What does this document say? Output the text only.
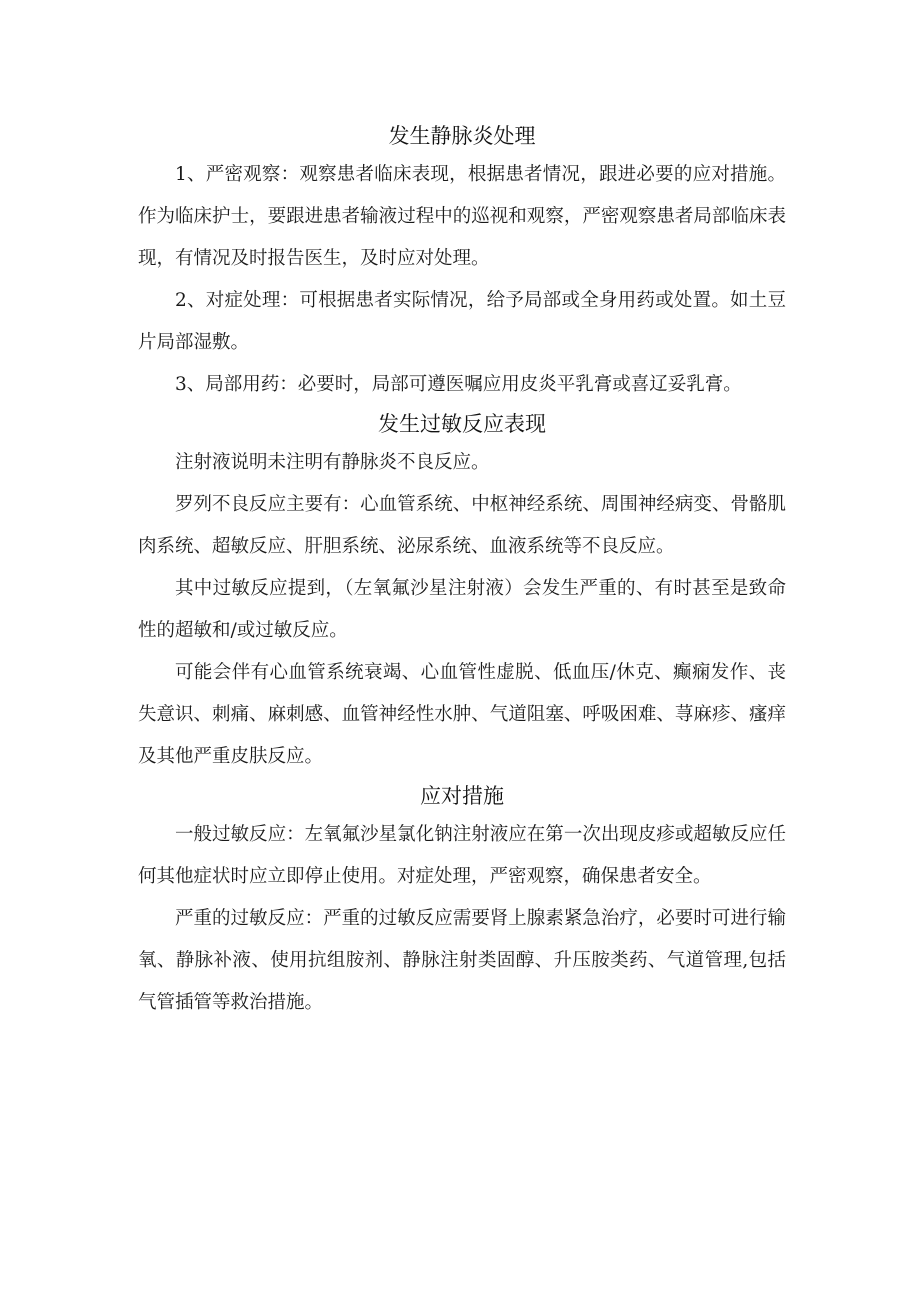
发生静脉炎处理

1、严密观察：观察患者临床表现，根据患者情况，跟进必要的应对措施。作为临床护士，要跟进患者输液过程中的巡视和观察，严密观察患者局部临床表现，有情况及时报告医生，及时应对处理。

2、对症处理：可根据患者实际情况，给予局部或全身用药或处置。如土豆片局部湿敷。

3、局部用药：必要时，局部可遵医嘱应用皮炎平乳膏或喜辽妥乳膏。

发生过敏反应表现

注射液说明未注明有静脉炎不良反应。

罗列不良反应主要有：心血管系统、中枢神经系统、周围神经病变、骨骼肌肉系统、超敏反应、肝胆系统、泌尿系统、血液系统等不良反应。

其中过敏反应提到，（左氧氟沙星注射液）会发生严重的、有时甚至是致命性的超敏和/或过敏反应。

可能会伴有心血管系统衰竭、心血管性虚脱、低血压/休克、癫痫发作、丧失意识、刺痛、麻刺感、血管神经性水肿、气道阻塞、呼吸困难、荨麻疹、瘙痒及其他严重皮肤反应。

应对措施

一般过敏反应：左氧氟沙星氯化钠注射液应在第一次出现皮疹或超敏反应任何其他症状时应立即停止使用。对症处理，严密观察，确保患者安全。

严重的过敏反应：严重的过敏反应需要肾上腺素紧急治疗，必要时可进行输氧、静脉补液、使用抗组胺剂、静脉注射类固醇、升压胺类药、气道管理,包括气管插管等救治措施。
